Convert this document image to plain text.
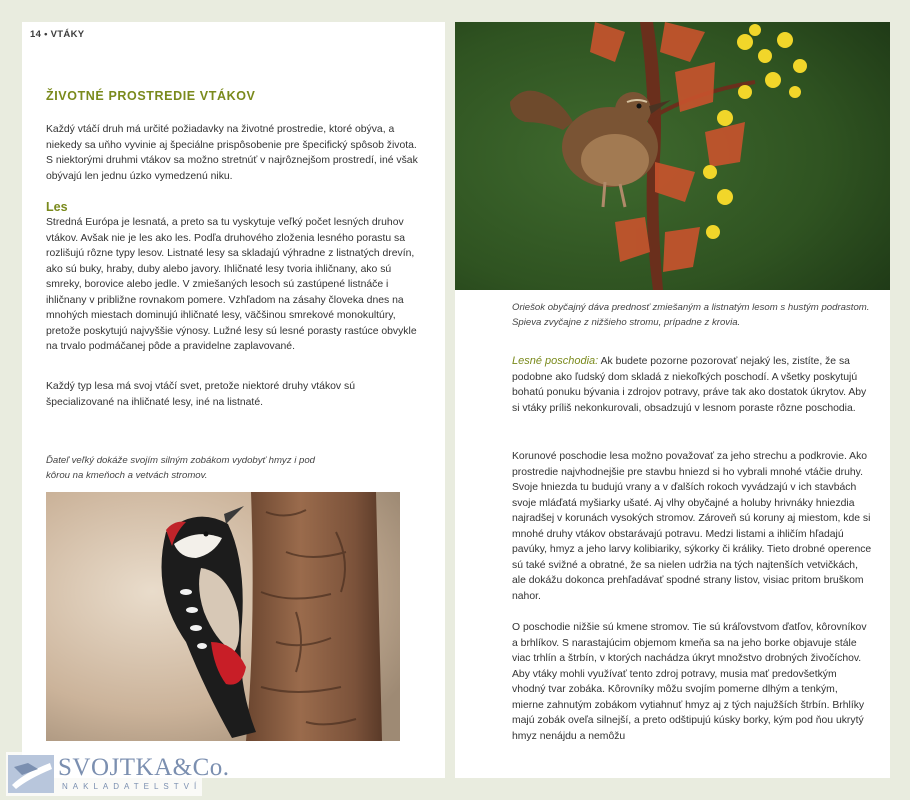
14 • VTÁKY
ŽIVOTNÉ PROSTREDIE VTÁKOV

Každý vtáčí druh má určité požiadavky na životné prostredie, ktoré obýva, a niekedy sa uňho vyvinie aj špeciálne prispôsobenie pre špecifický spôsob života. S niektorými druhmi vtákov sa možno stretnúť v najrôznejšom prostredí, iné však obývajú len jednu úzko vymedzenú niku.

Les

Stredná Európa je lesnatá, a preto sa tu vyskytuje veľký počet lesných druhov vtákov. Avšak nie je les ako les. Podľa druhového zloženia lesného porastu sa rozlišujú rôzne typy lesov. Listnaté lesy sa skladajú výhradne z listnatých drevín, ako sú buky, hraby, duby alebo javory. Ihličnaté lesy tvoria ihličnany, ako sú smreky, borovice alebo jedle. V zmiešaných lesoch sú zastúpené listnáče i ihličnany v približne rovnakom pomere. Vzhľadom na zásahy človeka dnes na mnohých miestach dominujú ihličnaté lesy, väčšinou smrekové monokultúry, pretože poskytujú najvyššie výnosy. Lužné lesy sú lesné porasty rastúce obvykle na trvalo podmáčanej pôde a pravidelne zaplavované.

Každý typ lesa má svoj vtáčí svet, pretože niektoré druhy vtákov sú špecializované na ihličnaté lesy, iné na listnaté.

Ďateľ veľký dokáže svojím silným zobákom vydobyť hmyz i pod kôrou na kmeňoch a vetvách stromov.

Oriešok obyčajný dáva prednosť zmiešaným a listnatým lesom s hustým podrastom. Spieva zvyčajne z nižšieho stromu, prípadne z krovia.

Lesné poschodia: Ak budete pozorne pozorovať nejaký les, zistíte, že sa podobne ako ľudský dom skladá z niekoľkých poschodí. A všetky poskytujú bohatú ponuku bývania i zdrojov potravy, práve tak ako dostatok úkrytov. Aby si vtáky príliš nekonkurovali, obsadzujú v lesnom poraste rôzne poschodia.

Korunové poschodie lesa možno považovať za jeho strechu a podkrovie. Ako prostredie najvhodnejšie pre stavbu hniezd si ho vybrali mnohé vtáčie druhy. Svoje hniezda tu budujú vrany a v ďalších rokoch vyvádzajú v ich stavbách svoje mláďatá myšiarky ušaté. Aj vlhy obyčajné a holuby hrivnáky hniezdia najradšej v korunách vysokých stromov. Zároveň sú koruny aj miestom, kde si mnohé druhy vtákov obstarávajú potravu. Medzi listami a ihličím hľadajú pavúky, hmyz a jeho larvy kolibiariky, sýkorky či králiky. Tieto drobné operence sú také svižné a obratné, že sa nielen udržia na tých najtenších vetvičkách, ale dokážu dokonca prehľadávať spodné strany listov, visiac pritom bruškom nahor.

O poschodie nižšie sú kmene stromov. Tie sú kráľovstvom ďatľov, kôrovníkov a brhlíkov. S narastajúcim objemom kmeňa sa na jeho borke objavuje stále viac trhlín a štrbín, v ktorých nachádza úkryt množstvo drobných živočíchov. Aby vtáky mohli využívať tento zdroj potravy, musia mať predovšetkým vhodný tvar zobáka. Kôrovníky môžu svojím pomerne dlhým a tenkým, mierne zahnutým zobákom vytiahnuť hmyz aj z tých najužších štrbín. Brhlíky majú zobák oveľa silnejší, a preto odštipujú kúsky borky, kým pod ňou ukrytý hmyz nenájdu a nemôžu

SVOJTKA&Co.
NAKLADATELSTVÍ
